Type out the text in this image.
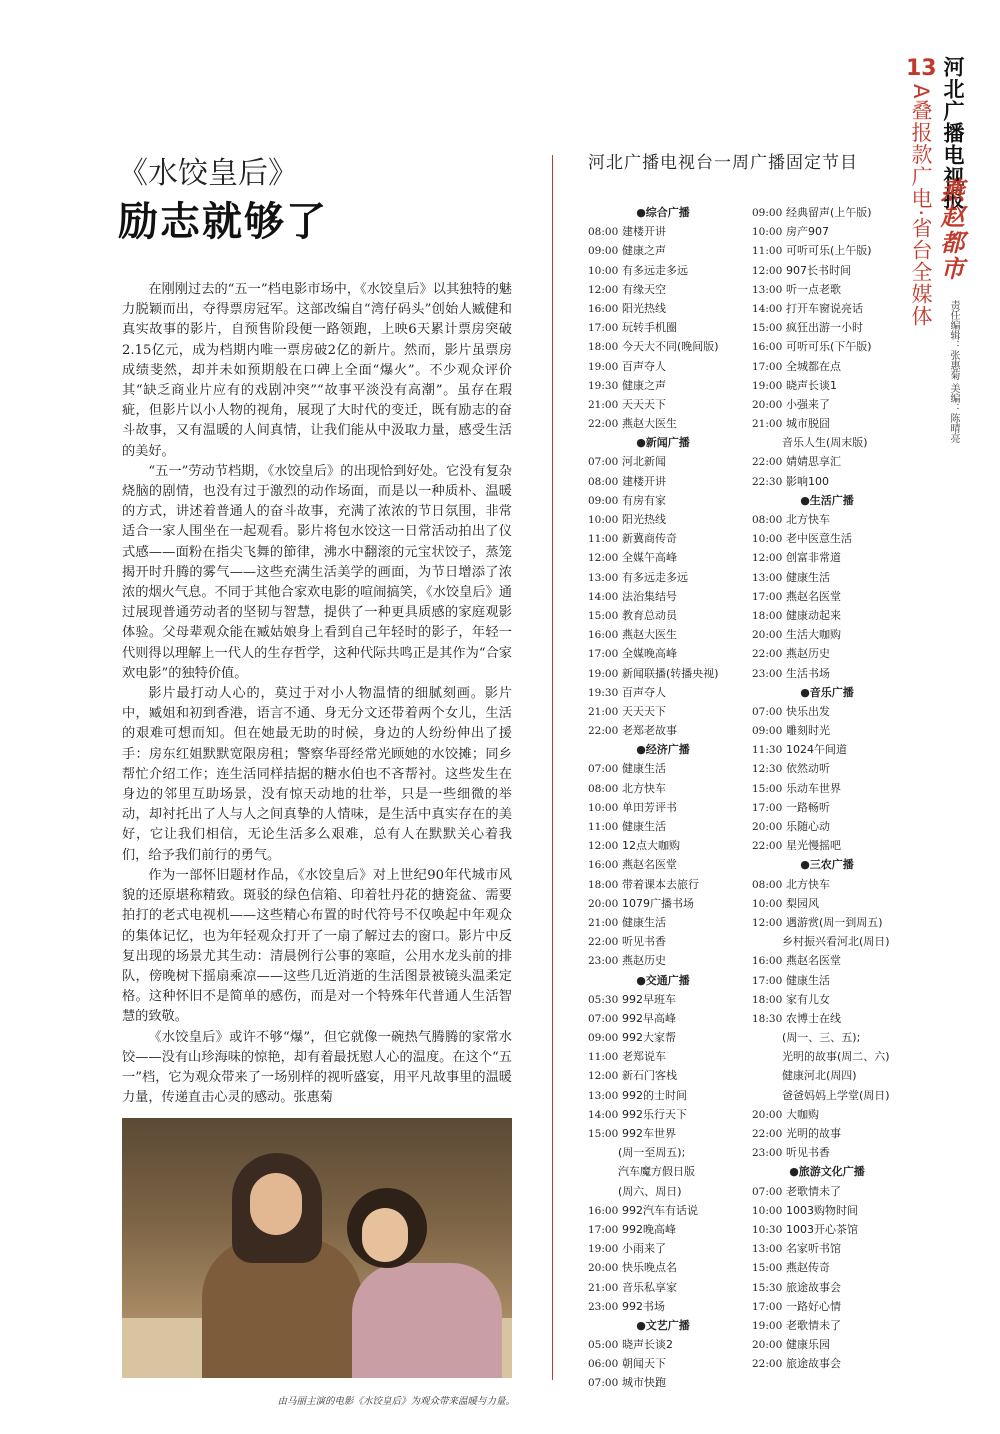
13
A叠报款广电·省台全媒体 河北广播电视报
燕赵都市
责任编辑：张惠菊 美编：陈晴亮
《水饺皇后》
励志就够了

在刚刚过去的“五一”档电影市场中，《水饺皇后》以其独特的魅力脱颖而出，夺得票房冠军。这部改编自“湾仔码头”创始人臧健和真实故事的影片，自预售阶段便一路领跑，上映6天累计票房突破2.15亿元，成为档期内唯一票房破2亿的新片。然而，影片虽票房成绩斐然，却并未如预期般在口碑上全面“爆火”。不少观众评价其“缺乏商业片应有的戏剧冲突”“故事平淡没有高潮”。虽存在瑕疵，但影片以小人物的视角，展现了大时代的变迁，既有励志的奋斗故事，又有温暖的人间真情，让我们能从中汲取力量，感受生活的美好。

“五一”劳动节档期，《水饺皇后》的出现恰到好处。它没有复杂烧脑的剧情，也没有过于激烈的动作场面，而是以一种质朴、温暖的方式，讲述着普通人的奋斗故事，充满了浓浓的节日氛围，非常适合一家人围坐在一起观看。影片将包水饺这一日常活动拍出了仪式感——面粉在指尖飞舞的節律，沸水中翻滚的元宝状饺子，蒸笼揭开时升腾的雾气——这些充满生活美学的画面，为节日增添了浓浓的烟火气息。不同于其他合家欢电影的喧闹搞笑，《水饺皇后》通过展现普通劳动者的坚韧与智慧，提供了一种更具质感的家庭观影体验。父母辈观众能在臧姑娘身上看到自己年轻时的影子，年轻一代则得以理解上一代人的生存哲学，这种代际共鸣正是其作为“合家欢电影”的独特价值。

影片最打动人心的，莫过于对小人物温情的细腻刻画。影片中，臧姐和初到香港，语言不通、身无分文还带着两个女儿，生活的艰难可想而知。但在她最无助的时候，身边的人纷纷伸出了援手：房东红姐默默宽限房租；警察华哥经常光顾她的水饺摊；同乡帮忙介绍工作；连生活同样拮据的糖水伯也不吝帮衬。这些发生在身边的邻里互助场景，没有惊天动地的壮举，只是一些细微的举动，却衬托出了人与人之间真挚的人情味，是生活中真实存在的美好，它让我们相信，无论生活多么艰难，总有人在默默关心着我们，给予我们前行的勇气。

作为一部怀旧题材作品，《水饺皇后》对上世纪90年代城市风貌的还原堪称精致。斑驳的绿色信箱、印着牡丹花的搪瓷盆、需要拍打的老式电视机——这些精心布置的时代符号不仅唤起中年观众的集体记忆，也为年轻观众打开了一扇了解过去的窗口。影片中反复出现的场景尤其生动：清晨例行公事的寒暄，公用水龙头前的排队，傍晚树下摇扇乘凉——这些几近消逝的生活图景被镜头温柔定格。这种怀旧不是简单的感伤，而是对一个特殊年代普通人生活智慧的致敬。

《水饺皇后》或许不够“爆”，但它就像一碗热气腾腾的家常水饺——没有山珍海味的惊艳，却有着最抚慰人心的温度。在这个“五一”档，它为观众带来了一场别样的视听盛宴，用平凡故事里的温暖力量，传递直击心灵的感动。张惠菊

由马丽主演的电影《水饺皇后》为观众带来温暖与力量。
河北广播电视台一周广播固定节目
●综合广播
08:00 建楼开讲
09:00 健康之声
10:00 有多远走多远
12:00 有缘天空
16:00 阳光热线
17:00 玩转手机圈
18:00 今天大不同(晚间版)
19:00 百声夺人
19:30 健康之声
21:00 天天天下
22:00 燕赵大医生
●新闻广播
07:00 河北新闻
08:00 建楼开讲
09:00 有房有家
10:00 阳光热线
11:00 新冀商传奇
12:00 全媒午高峰
13:00 有多远走多远
14:00 法治集结号
15:00 教育总动员
16:00 燕赵大医生
17:00 全媒晚高峰
19:00 新闻联播(转播央视)
19:30 百声夺人
21:00 天天天下
22:00 老郑老故事
●经济广播
07:00 健康生活
08:00 北方快车
10:00 单田芳评书
11:00 健康生活
12:00 12点大咖购
16:00 燕赵名医堂
18:00 带着课本去旅行
20:00 1079广播书场
21:00 健康生活
22:00 听见书香
23:00 燕赵历史
●交通广播
05:30 992早班车
07:00 992早高峰
09:00 992大家帮
11:00 老郑说车
12:00 新石门客栈
13:00 992的士时间
14:00 992乐行天下
15:00 992车世界
(周一至周五);
汽车魔方假日版
(周六、周日)
16:00 992汽车有话说
17:00 992晚高峰
19:00 小雨来了
20:00 快乐晚点名
21:00 音乐私享家
23:00 992书场
●文艺广播
05:00 晓声长谈2
06:00 朝闻天下
07:00 城市快跑
09:00 经典留声(上午版)
10:00 房产907
11:00 可听可乐(上午版)
12:00 907长书时间
13:00 听一点老歌
14:00 打开车窗说亮话
15:00 疯狂出游一小时
16:00 可听可乐(下午版)
17:00 全城都在点
19:00 晓声长谈1
20:00 小强来了
21:00 城市脱囧
音乐人生(周末版)
22:00 婧婧思享汇
22:30 影响100
●生活广播
08:00 北方快车
10:00 老中医意生活
12:00 创富非常道
13:00 健康生活
17:00 燕赵名医堂
18:00 健康动起来
20:00 生活大咖购
22:00 燕赵历史
23:00 生活书场
●音乐广播
07:00 快乐出发
09:00 雕刻时光
11:30 1024午间道
12:30 依然动听
15:00 乐动车世界
17:00 一路畅听
20:00 乐随心动
22:00 星光慢摇吧
●三农广播
08:00 北方快车
10:00 梨园风
12:00 遇游赏(周一到周五)
乡村振兴看河北(周日)
16:00 燕赵名医堂
17:00 健康生活
18:00 家有儿女
18:30 农博士在线
(周一、三、五);
光明的故事(周二、六)
健康河北(周四)
爸爸妈妈上学堂(周日)
20:00 大咖购
22:00 光明的故事
23:00 听见书香
●旅游文化广播
07:00 老歌情未了
10:00 1003购物时间
10:30 1003开心茶馆
13:00 名家听书馆
15:00 燕赵传奇
15:30 旅途故事会
17:00 一路好心情
19:00 老歌情未了
20:00 健康乐园
22:00 旅途故事会
